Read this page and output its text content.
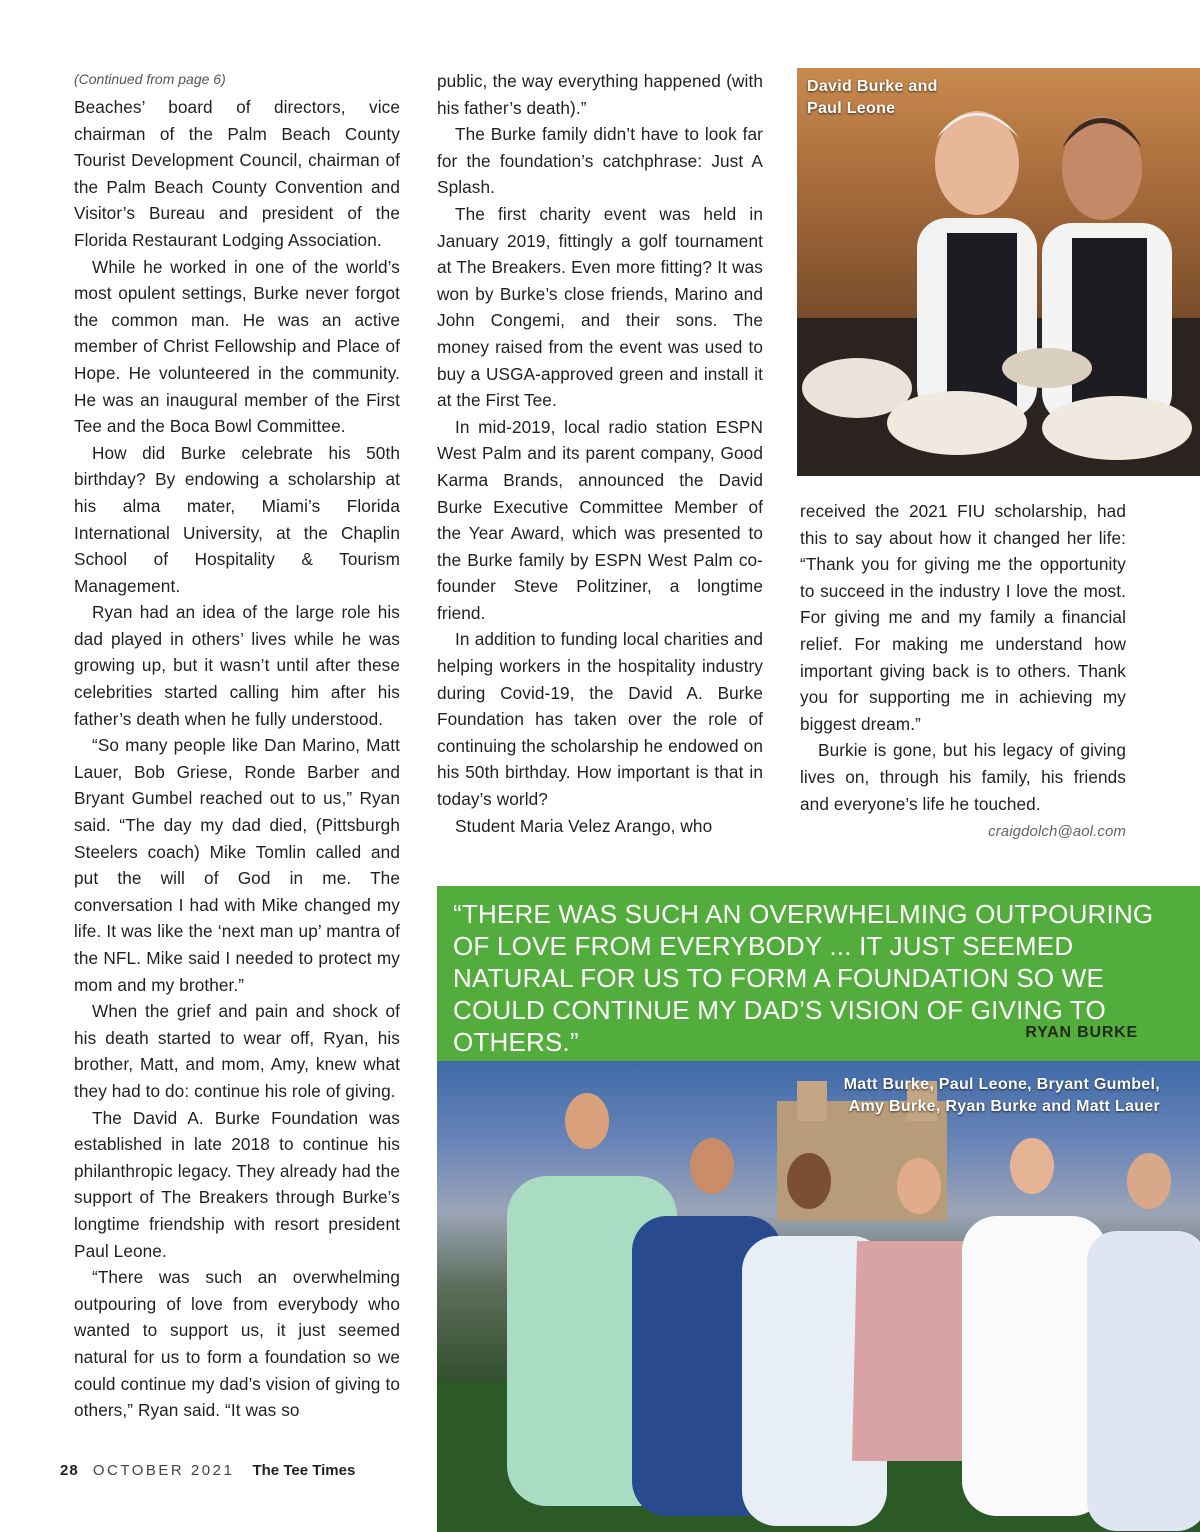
(Continued from page 6)

Beaches’ board of directors, vice chairman of the Palm Beach County Tourist Development Council, chairman of the Palm Beach County Convention and Visitor’s Bureau and president of the Florida Restaurant Lodging Association.

While he worked in one of the world’s most opulent settings, Burke never forgot the common man. He was an active member of Christ Fellowship and Place of Hope. He volunteered in the community. He was an inaugural member of the First Tee and the Boca Bowl Committee.

How did Burke celebrate his 50th birthday? By endowing a scholarship at his alma mater, Miami’s Florida International University, at the Chaplin School of Hospitality & Tourism Management.

Ryan had an idea of the large role his dad played in others’ lives while he was growing up, but it wasn’t until after these celebrities started calling him after his father’s death when he fully understood.

“So many people like Dan Marino, Matt Lauer, Bob Griese, Ronde Barber and Bryant Gumbel reached out to us,” Ryan said. “The day my dad died, (Pittsburgh Steelers coach) Mike Tomlin called and put the will of God in me. The conversation I had with Mike changed my life. It was like the ‘next man up’ mantra of the NFL. Mike said I needed to protect my mom and my brother.”

When the grief and pain and shock of his death started to wear off, Ryan, his brother, Matt, and mom, Amy, knew what they had to do: continue his role of giving.

The David A. Burke Foundation was established in late 2018 to continue his philanthropic legacy. They already had the support of The Breakers through Burke’s longtime friendship with resort president Paul Leone.

“There was such an overwhelming outpouring of love from everybody who wanted to support us, it just seemed natural for us to form a foundation so we could continue my dad’s vision of giving to others,” Ryan said. “It was so

public, the way everything happened (with his father’s death).”

The Burke family didn’t have to look far for the foundation’s catchphrase: Just A Splash.

The first charity event was held in January 2019, fittingly a golf tournament at The Breakers. Even more fitting? It was won by Burke’s close friends, Marino and John Congemi, and their sons. The money raised from the event was used to buy a USGA-approved green and install it at the First Tee.

In mid-2019, local radio station ESPN West Palm and its parent company, Good Karma Brands, announced the David Burke Executive Committee Member of the Year Award, which was presented to the Burke family by ESPN West Palm co-founder Steve Politziner, a longtime friend.

In addition to funding local charities and helping workers in the hospitality industry during Covid-19, the David A. Burke Foundation has taken over the role of continuing the scholarship he endowed on his 50th birthday. How important is that in today’s world?

Student Maria Velez Arango, who

received the 2021 FIU scholarship, had this to say about how it changed her life: “Thank you for giving me the opportunity to succeed in the industry I love the most. For giving me and my family a financial relief. For making me understand how important giving back is to others. Thank you for supporting me in achieving my biggest dream.”

Burkie is gone, but his legacy of giving lives on, through his family, his friends and everyone’s life he touched.

craigdolch@aol.com
David Burke and
Paul Leone
“THERE WAS SUCH AN OVERWHELMING OUTPOURING OF LOVE FROM EVERYBODY ... IT JUST SEEMED NATURAL FOR US TO FORM A FOUNDATION SO WE COULD CONTINUE MY DAD’S VISION OF GIVING TO OTHERS.”	RYAN BURKE
Matt Burke, Paul Leone, Bryant Gumbel,
Amy Burke, Ryan Burke and Matt Lauer
28 OCTOBER 2021 The Tee Times
